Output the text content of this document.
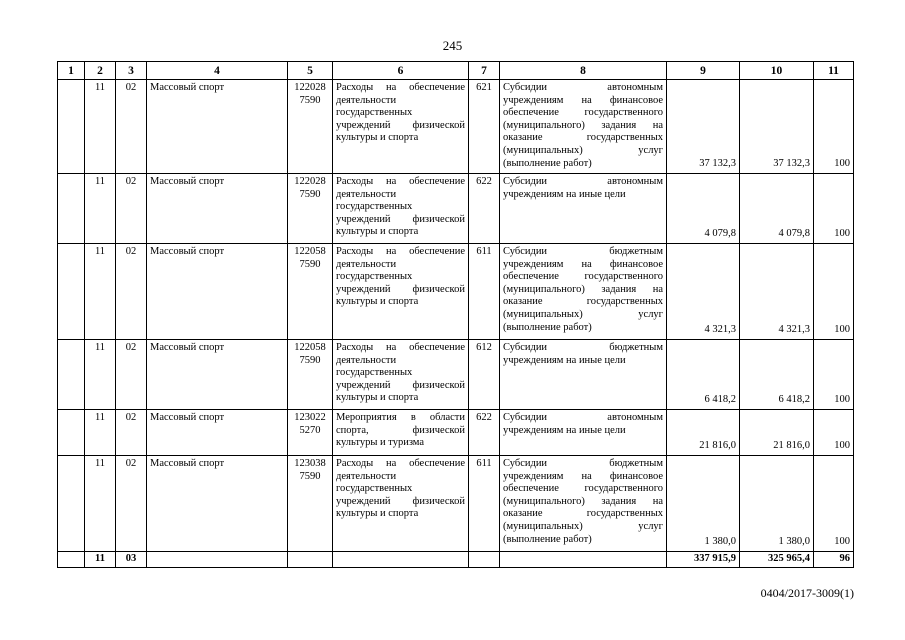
245
1	2	3	4	5	6	7	8	9	10	11

	11	02	Массовый спорт	122028 7590	Расходы на обеспечение деятельности государственных учреждений физической культуры и спорта	621	Субсидии автономным учреждениям на финансовое обеспечение государственного (муниципального) задания на оказание государственных (муниципальных) услуг (выполнение работ)	37 132,3	37 132,3	100

	11	02	Массовый спорт	122028 7590	Расходы на обеспечение деятельности государственных учреждений физической культуры и спорта	622	Субсидии автономным учреждениям на иные цели	4 079,8	4 079,8	100

	11	02	Массовый спорт	122058 7590	Расходы на обеспечение деятельности государственных учреждений физической культуры и спорта	611	Субсидии бюджетным учреждениям на финансовое обеспечение государственного (муниципального) задания на оказание государственных (муниципальных) услуг (выполнение работ)	4 321,3	4 321,3	100

	11	02	Массовый спорт	122058 7590	Расходы на обеспечение деятельности государственных учреждений физической культуры и спорта	612	Субсидии бюджетным учреждениям на иные цели	6 418,2	6 418,2	100

	11	02	Массовый спорт	123022 5270	Мероприятия в области спорта, физической культуры и туризма	622	Субсидии автономным учреждениям на иные цели	21 816,0	21 816,0	100

	11	02	Массовый спорт	123038 7590	Расходы на обеспечение деятельности государственных учреждений физической культуры и спорта	611	Субсидии бюджетным учреждениям на финансовое обеспечение государственного (муниципального) задания на оказание государственных (муниципальных) услуг (выполнение работ)	1 380,0	1 380,0	100

	11	03						337 915,9	325 965,4	96
0404/2017-3009(1)
